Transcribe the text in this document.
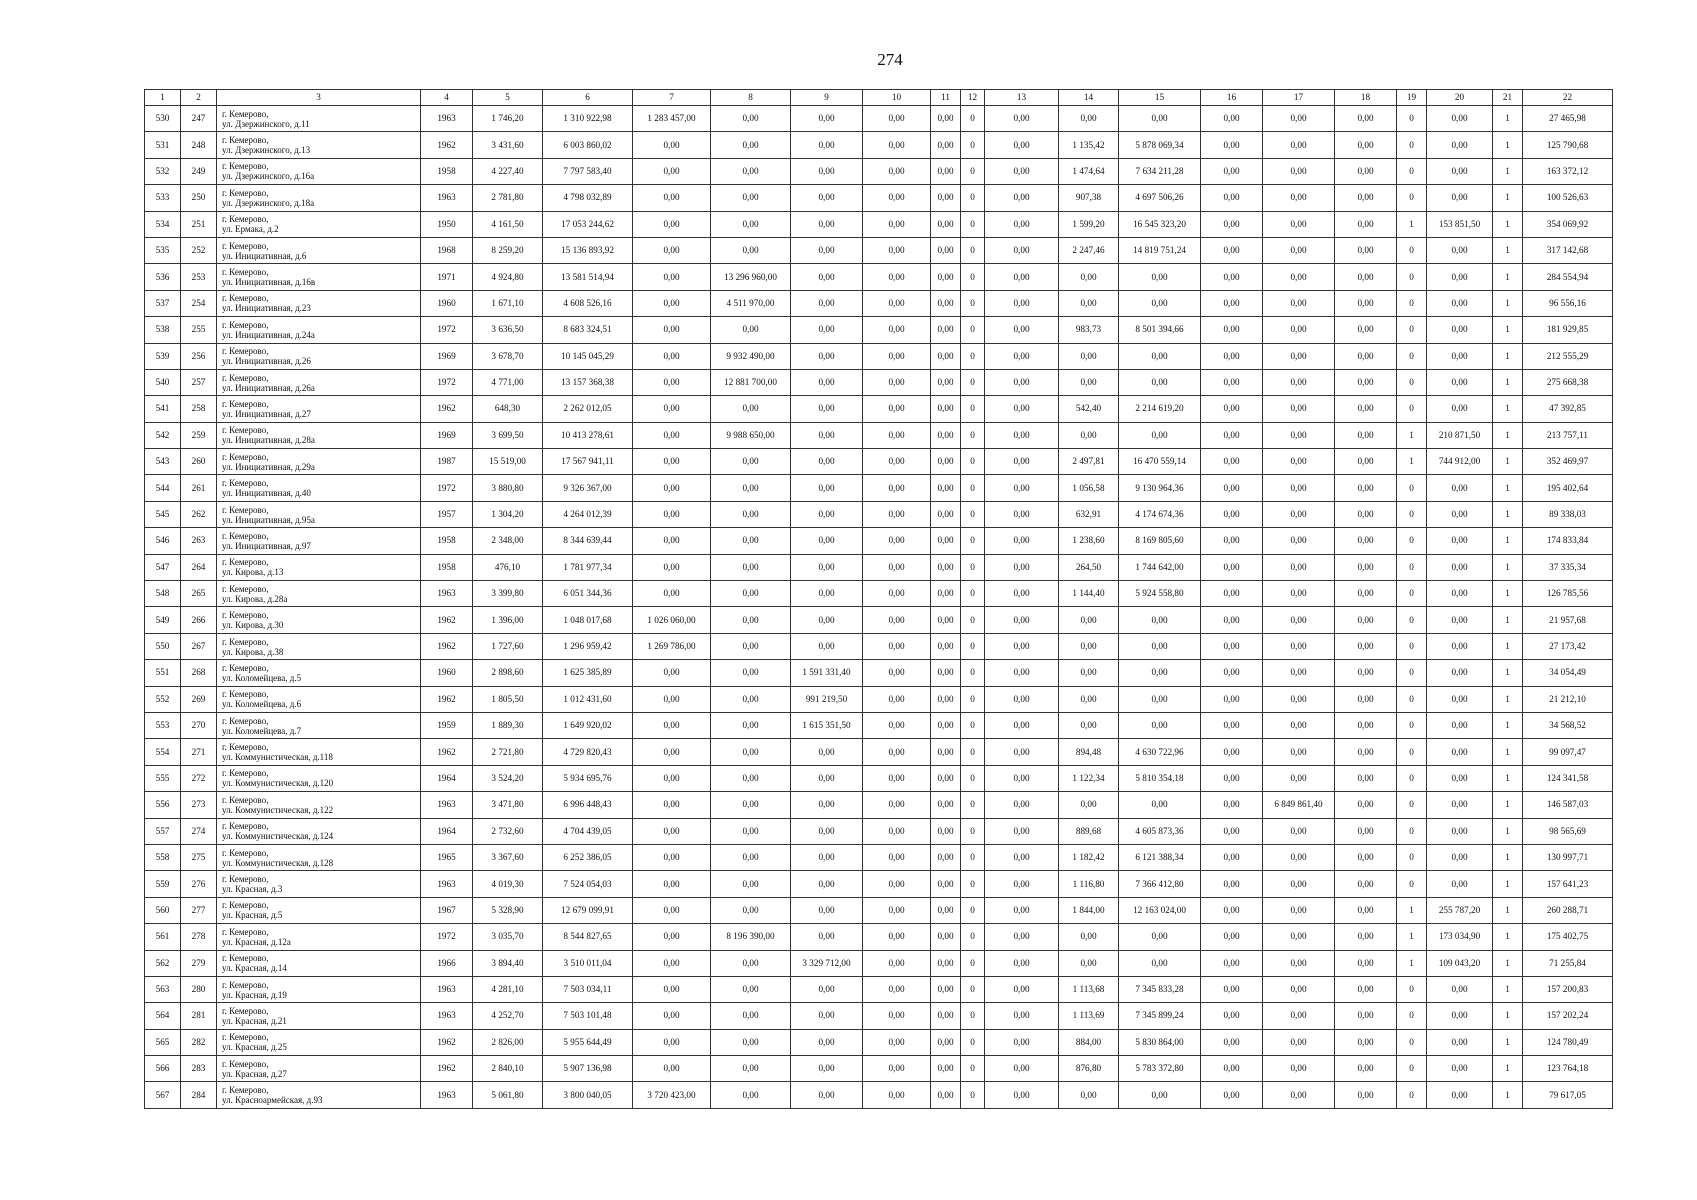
274
1	2	3	4	5	6	7	8	9	10	11	12	13	14	15	16	17	18	19	20	21	22
530	247	г. Кемерово,
ул. Дзержинского, д.11	1963	1 746,20	1 310 922,98	1 283 457,00	0,00	0,00	0,00	0,00	0	0,00	0,00	0,00	0,00	0,00	0,00	0	0,00	1	27 465,98
531	248	г. Кемерово,
ул. Дзержинского, д.13	1962	3 431,60	6 003 860,02	0,00	0,00	0,00	0,00	0,00	0	0,00	1 135,42	5 878 069,34	0,00	0,00	0,00	0	0,00	1	125 790,68
532	249	г. Кемерово,
ул. Дзержинского, д.16а	1958	4 227,40	7 797 583,40	0,00	0,00	0,00	0,00	0,00	0	0,00	1 474,64	7 634 211,28	0,00	0,00	0,00	0	0,00	1	163 372,12
533	250	г. Кемерово,
ул. Дзержинского, д.18а	1963	2 781,80	4 798 032,89	0,00	0,00	0,00	0,00	0,00	0	0,00	907,38	4 697 506,26	0,00	0,00	0,00	0	0,00	1	100 526,63
534	251	г. Кемерово,
ул. Ермака, д.2	1950	4 161,50	17 053 244,62	0,00	0,00	0,00	0,00	0,00	0	0,00	1 599,20	16 545 323,20	0,00	0,00	0,00	1	153 851,50	1	354 069,92
535	252	г. Кемерово,
ул. Инициативная, д.6	1968	8 259,20	15 136 893,92	0,00	0,00	0,00	0,00	0,00	0	0,00	2 247,46	14 819 751,24	0,00	0,00	0,00	0	0,00	1	317 142,68
536	253	г. Кемерово,
ул. Инициативная, д.16в	1971	4 924,80	13 581 514,94	0,00	13 296 960,00	0,00	0,00	0,00	0	0,00	0,00	0,00	0,00	0,00	0,00	0	0,00	1	284 554,94
537	254	г. Кемерово,
ул. Инициативная, д.23	1960	1 671,10	4 608 526,16	0,00	4 511 970,00	0,00	0,00	0,00	0	0,00	0,00	0,00	0,00	0,00	0,00	0	0,00	1	96 556,16
538	255	г. Кемерово,
ул. Инициативная, д.24а	1972	3 636,50	8 683 324,51	0,00	0,00	0,00	0,00	0,00	0	0,00	983,73	8 501 394,66	0,00	0,00	0,00	0	0,00	1	181 929,85
539	256	г. Кемерово,
ул. Инициативная, д.26	1969	3 678,70	10 145 045,29	0,00	9 932 490,00	0,00	0,00	0,00	0	0,00	0,00	0,00	0,00	0,00	0,00	0	0,00	1	212 555,29
540	257	г. Кемерово,
ул. Инициативная, д.26а	1972	4 771,00	13 157 368,38	0,00	12 881 700,00	0,00	0,00	0,00	0	0,00	0,00	0,00	0,00	0,00	0,00	0	0,00	1	275 668,38
541	258	г. Кемерово,
ул. Инициативная, д.27	1962	648,30	2 262 012,05	0,00	0,00	0,00	0,00	0,00	0	0,00	542,40	2 214 619,20	0,00	0,00	0,00	0	0,00	1	47 392,85
542	259	г. Кемерово,
ул. Инициативная, д.28а	1969	3 699,50	10 413 278,61	0,00	9 988 650,00	0,00	0,00	0,00	0	0,00	0,00	0,00	0,00	0,00	0,00	1	210 871,50	1	213 757,11
543	260	г. Кемерово,
ул. Инициативная, д.29а	1987	15 519,00	17 567 941,11	0,00	0,00	0,00	0,00	0,00	0	0,00	2 497,81	16 470 559,14	0,00	0,00	0,00	1	744 912,00	1	352 469,97
544	261	г. Кемерово,
ул. Инициативная, д.40	1972	3 880,80	9 326 367,00	0,00	0,00	0,00	0,00	0,00	0	0,00	1 056,58	9 130 964,36	0,00	0,00	0,00	0	0,00	1	195 402,64
545	262	г. Кемерово,
ул. Инициативная, д.95а	1957	1 304,20	4 264 012,39	0,00	0,00	0,00	0,00	0,00	0	0,00	632,91	4 174 674,36	0,00	0,00	0,00	0	0,00	1	89 338,03
546	263	г. Кемерово,
ул. Инициативная, д.97	1958	2 348,00	8 344 639,44	0,00	0,00	0,00	0,00	0,00	0	0,00	1 238,60	8 169 805,60	0,00	0,00	0,00	0	0,00	1	174 833,84
547	264	г. Кемерово,
ул. Кирова, д.13	1958	476,10	1 781 977,34	0,00	0,00	0,00	0,00	0,00	0	0,00	264,50	1 744 642,00	0,00	0,00	0,00	0	0,00	1	37 335,34
548	265	г. Кемерово,
ул. Кирова, д.28а	1963	3 399,80	6 051 344,36	0,00	0,00	0,00	0,00	0,00	0	0,00	1 144,40	5 924 558,80	0,00	0,00	0,00	0	0,00	1	126 785,56
549	266	г. Кемерово,
ул. Кирова, д.30	1962	1 396,00	1 048 017,68	1 026 060,00	0,00	0,00	0,00	0,00	0	0,00	0,00	0,00	0,00	0,00	0,00	0	0,00	1	21 957,68
550	267	г. Кемерово,
ул. Кирова, д.38	1962	1 727,60	1 296 959,42	1 269 786,00	0,00	0,00	0,00	0,00	0	0,00	0,00	0,00	0,00	0,00	0,00	0	0,00	1	27 173,42
551	268	г. Кемерово,
ул. Коломейцева, д.5	1960	2 898,60	1 625 385,89	0,00	0,00	1 591 331,40	0,00	0,00	0	0,00	0,00	0,00	0,00	0,00	0,00	0	0,00	1	34 054,49
552	269	г. Кемерово,
ул. Коломейцева, д.6	1962	1 805,50	1 012 431,60	0,00	0,00	991 219,50	0,00	0,00	0	0,00	0,00	0,00	0,00	0,00	0,00	0	0,00	1	21 212,10
553	270	г. Кемерово,
ул. Коломейцева, д.7	1959	1 889,30	1 649 920,02	0,00	0,00	1 615 351,50	0,00	0,00	0	0,00	0,00	0,00	0,00	0,00	0,00	0	0,00	1	34 568,52
554	271	г. Кемерово,
ул. Коммунистическая, д.118	1962	2 721,80	4 729 820,43	0,00	0,00	0,00	0,00	0,00	0	0,00	894,48	4 630 722,96	0,00	0,00	0,00	0	0,00	1	99 097,47
555	272	г. Кемерово,
ул. Коммунистическая, д.120	1964	3 524,20	5 934 695,76	0,00	0,00	0,00	0,00	0,00	0	0,00	1 122,34	5 810 354,18	0,00	0,00	0,00	0	0,00	1	124 341,58
556	273	г. Кемерово,
ул. Коммунистическая, д.122	1963	3 471,80	6 996 448,43	0,00	0,00	0,00	0,00	0,00	0	0,00	0,00	0,00	0,00	6 849 861,40	0,00	0	0,00	1	146 587,03
557	274	г. Кемерово,
ул. Коммунистическая, д.124	1964	2 732,60	4 704 439,05	0,00	0,00	0,00	0,00	0,00	0	0,00	889,68	4 605 873,36	0,00	0,00	0,00	0	0,00	1	98 565,69
558	275	г. Кемерово,
ул. Коммунистическая, д.128	1965	3 367,60	6 252 386,05	0,00	0,00	0,00	0,00	0,00	0	0,00	1 182,42	6 121 388,34	0,00	0,00	0,00	0	0,00	1	130 997,71
559	276	г. Кемерово,
ул. Красная, д.3	1963	4 019,30	7 524 054,03	0,00	0,00	0,00	0,00	0,00	0	0,00	1 116,80	7 366 412,80	0,00	0,00	0,00	0	0,00	1	157 641,23
560	277	г. Кемерово,
ул. Красная, д.5	1967	5 328,90	12 679 099,91	0,00	0,00	0,00	0,00	0,00	0	0,00	1 844,00	12 163 024,00	0,00	0,00	0,00	1	255 787,20	1	260 288,71
561	278	г. Кемерово,
ул. Красная, д.12а	1972	3 035,70	8 544 827,65	0,00	8 196 390,00	0,00	0,00	0,00	0	0,00	0,00	0,00	0,00	0,00	0,00	1	173 034,90	1	175 402,75
562	279	г. Кемерово,
ул. Красная, д.14	1966	3 894,40	3 510 011,04	0,00	0,00	3 329 712,00	0,00	0,00	0	0,00	0,00	0,00	0,00	0,00	0,00	1	109 043,20	1	71 255,84
563	280	г. Кемерово,
ул. Красная, д.19	1963	4 281,10	7 503 034,11	0,00	0,00	0,00	0,00	0,00	0	0,00	1 113,68	7 345 833,28	0,00	0,00	0,00	0	0,00	1	157 200,83
564	281	г. Кемерово,
ул. Красная, д.21	1963	4 252,70	7 503 101,48	0,00	0,00	0,00	0,00	0,00	0	0,00	1 113,69	7 345 899,24	0,00	0,00	0,00	0	0,00	1	157 202,24
565	282	г. Кемерово,
ул. Красная, д.25	1962	2 826,00	5 955 644,49	0,00	0,00	0,00	0,00	0,00	0	0,00	884,00	5 830 864,00	0,00	0,00	0,00	0	0,00	1	124 780,49
566	283	г. Кемерово,
ул. Красная, д.27	1962	2 840,10	5 907 136,98	0,00	0,00	0,00	0,00	0,00	0	0,00	876,80	5 783 372,80	0,00	0,00	0,00	0	0,00	1	123 764,18
567	284	г. Кемерово,
ул. Красноармейская, д.93	1963	5 061,80	3 800 040,05	3 720 423,00	0,00	0,00	0,00	0,00	0	0,00	0,00	0,00	0,00	0,00	0,00	0	0,00	1	79 617,05
